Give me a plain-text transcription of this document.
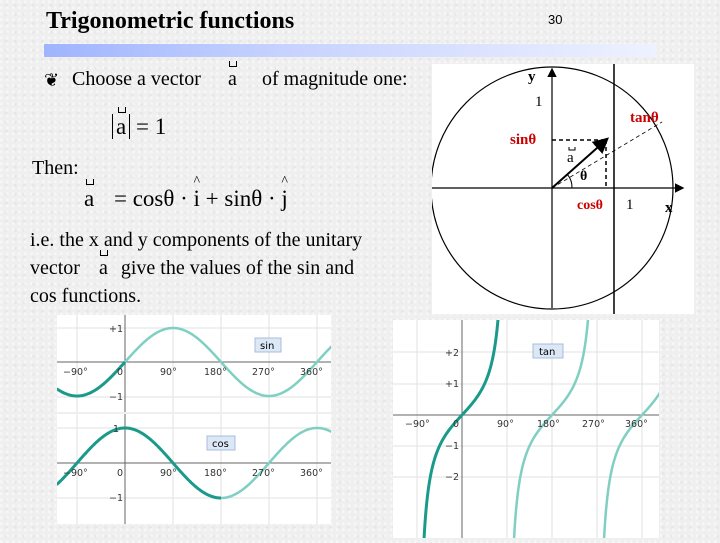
Trigonometric functions	30
❦ Choose a vector a of magnitude one:
a = 1
Then:
a = cosθ · ^ i + sinθ · ^ j
i.e. the x and y components of the unitary
vector a give the values of the sin and
cos functions.
y
x
1
1
sinθ
cosθ
tanθ
θ
a
+1
0
−1
−90°	90°	180°	270°	360°
sin
1
0
−1
−90°	90°	180°	270°	360°
cos
+2
+1
0
−1
−2
−90°	90° 180° 270° 360°
tan
